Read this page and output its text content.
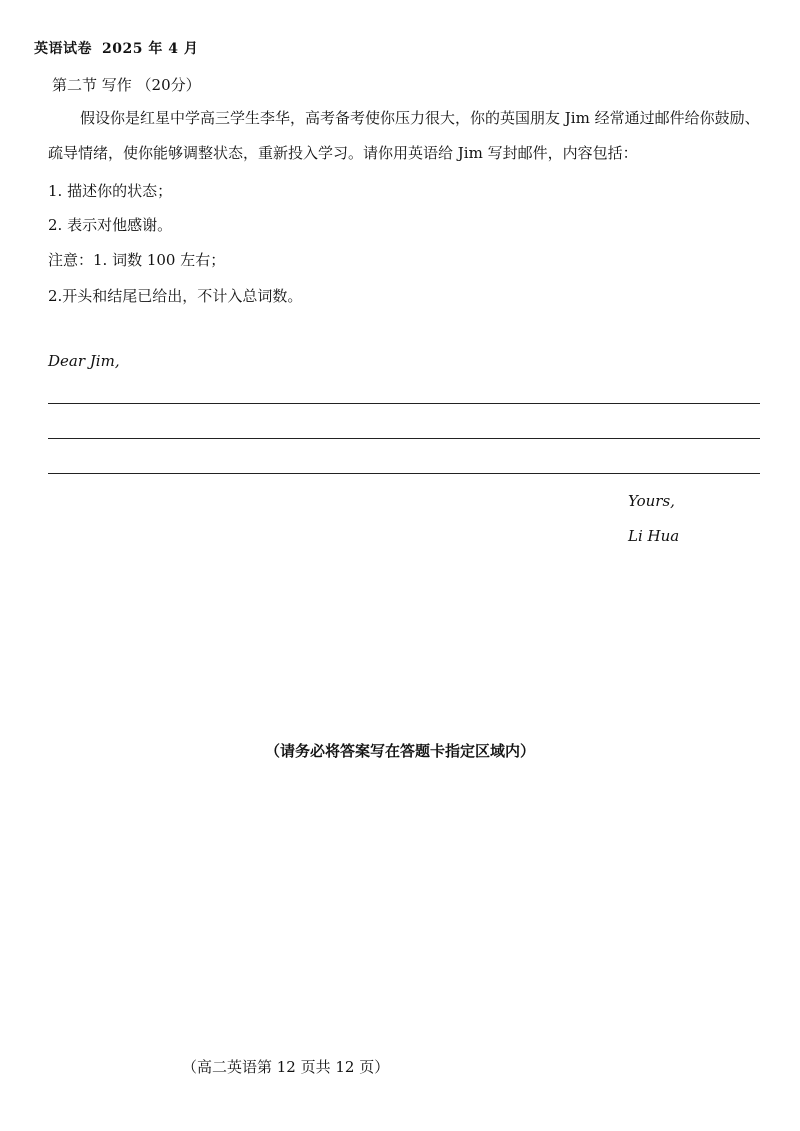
英语试卷 2025 年 4 月
第二节 写作 （20分）

假设你是红星中学高三学生李华，高考备考使你压力很大，你的英国朋友 Jim 经常通过邮件给你鼓励、疏导情绪，使你能够调整状态，重新投入学习。请你用英语给 Jim 写封邮件，内容包括：

1. 描述你的状态；
2. 表示对他感谢。
注意：1. 词数 100 左右；
2.开头和结尾已给出，不计入总词数。
Dear Jim,
Yours,
Li Hua
（请务必将答案写在答题卡指定区域内）
（高二英语第 12 页共 12 页）
